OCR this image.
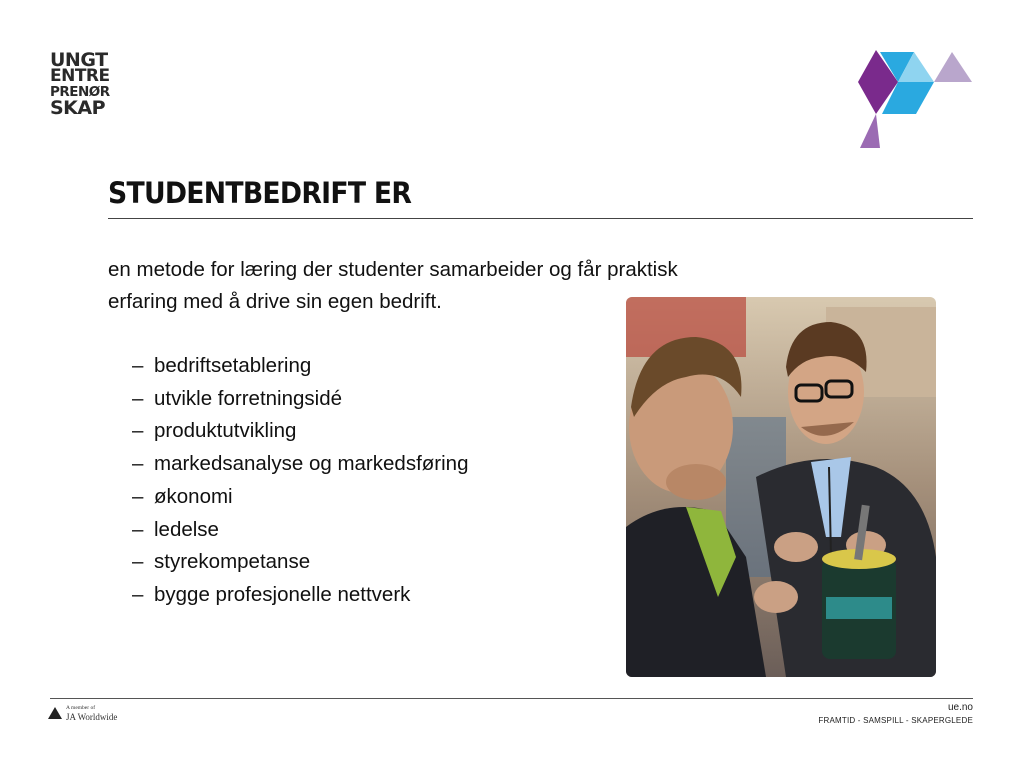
UNGT
ENTRE
PRENØR
SKAP
STUDENTBEDRIFT ER
en metode for læring der studenter samarbeider og får praktisk erfaring med å drive sin egen bedrift.
– bedriftsetablering
– utvikle forretningsidé
– produktutvikling
– markedsanalyse og markedsføring
– økonomi
– ledelse
– styrekompetanse
– bygge profesjonelle nettverk
A member of
JA Worldwide
ue.no
FRAMTID - SAMSPILL - SKAPERGLEDE
